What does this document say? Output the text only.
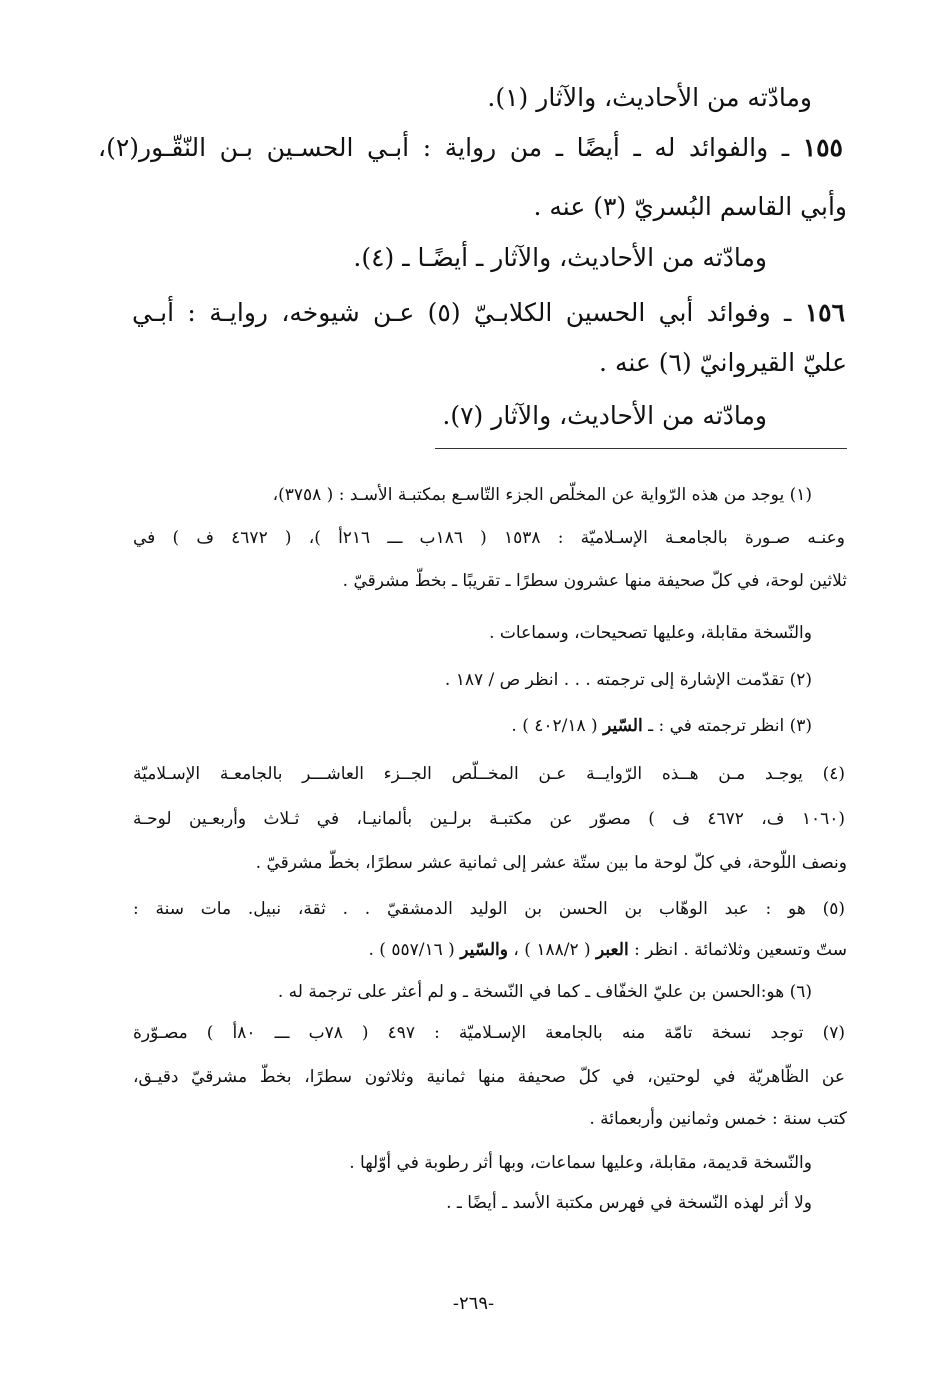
ومادّته من الأحاديث، والآثار (١).
١٥٥ ـ والفوائد له ـ أيضًا ـ من رواية : أبـي الحسـين بـن النّقّـور(٢)،
وأبي القاسم البُسريّ (٣) عنه .
ومادّته من الأحاديث، والآثار ـ أيضًـا ـ (٤).
١٥٦ ـ وفوائد أبي الحسين الكلابـيّ (٥) عـن شيوخه، روايـة : أبـي
عليّ القيروانيّ (٦) عنه .
ومادّته من الأحاديث، والآثار (٧).
(١) يوجد من هذه الرّواية عن المخلّص الجزء التّاسـع بمكتبـة الأسـد : ( ٣٧٥٨)،
وعنـه صـورة بالجامعـة الإسـلاميّة : ١٥٣٨ ( ١٨٦ب ـــ ٢١٦أ )، ( ٤٦٧٢ ف ) في
ثلاثين لوحة، في كلّ صحيفة منها عشرون سطرًا ـ تقريبًا ـ بخطّ مشرقيّ .
والنّسخة مقابلة، وعليها تصحيحات، وسماعات .
(٢) تقدّمت الإشارة إلى ترجمته . . . انظر ص / ١٨٧ .
(٣) انظر ترجمته في : ـ السّير ( ٤٠٢/١٨ ) .
(٤) يوجـد مـن هــذه الرّوايــة عـن المخــلّص الجــزء العاشـــر بالجامعـة الإسـلاميّة
(١٠٦٠ ف، ٤٦٧٢ ف ) مصوّر عن مكتبـة برلـين بألمانيـا، في ثـلاث وأربعـين لوحـة
ونصف اللّوحة، في كلّ لوحة ما بين ستّة عشر إلى ثمانية عشر سطرًا، بخطّ مشرقيّ .
(٥) هو : عبد الوهّاب بن الحسن بن الوليد الدمشقيّ . . ثقة، نبيل. مات سنة :
ستّ وتسعين وثلاثمائة . انظر : العبر ( ١٨٨/٢ ) ، والسّير ( ٥٥٧/١٦ ) .
(٦) هو:الحسن بن عليّ الخفّاف ـ كما في النّسخة ـ و لم أعثر على ترجمة له .
(٧) توجد نسخة تامّة منه بالجامعة الإسـلاميّة : ٤٩٧ ( ٧٨ب ـــ ٨٠أ ) مصـوّرة
عن الظّاهريّة في لوحتين، في كلّ صحيفة منها ثمانية وثلاثون سطرًا، بخطّ مشرقيّ دقيـق،
كتب سنة : خمس وثمانين وأربعمائة .
والنّسخة قديمة، مقابلة، وعليها سماعات، وبها أثر رطوبة في أوّلها .
ولا أثر لهذه النّسخة في فهرس مكتبة الأسد ـ أيضًا ـ .
-٢٦٩-
